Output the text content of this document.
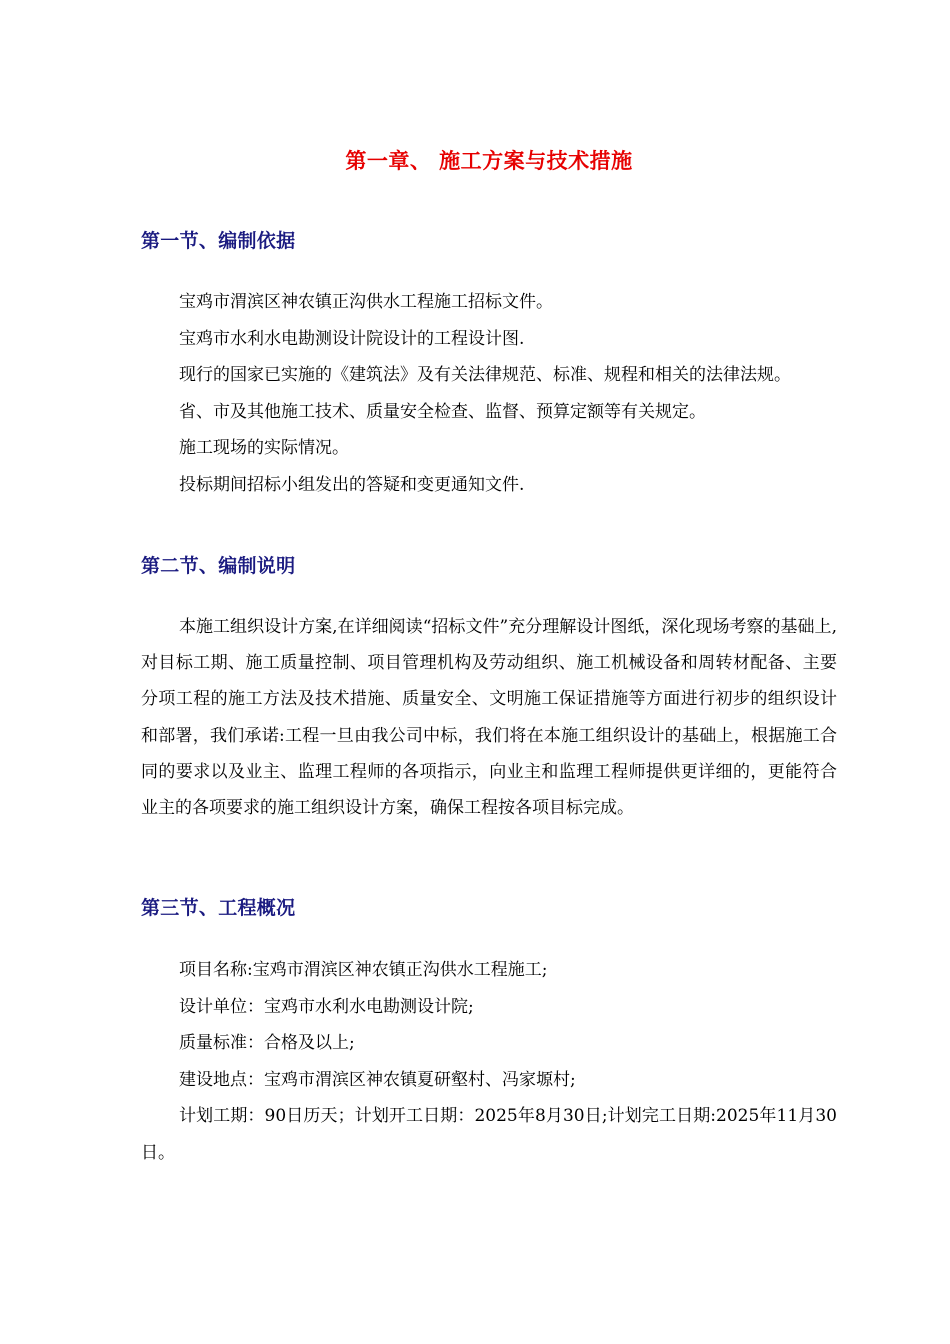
第一章、 施工方案与技术措施
第一节、编制依据

宝鸡市渭滨区神农镇正沟供水工程施工招标文件。

宝鸡市水利水电勘测设计院设计的工程设计图.

现行的国家已实施的《建筑法》及有关法律规范、标准、规程和相关的法律法规。

省、市及其他施工技术、质量安全检查、监督、预算定额等有关规定。

施工现场的实际情况。

投标期间招标小组发出的答疑和变更通知文件.

第二节、编制说明

本施工组织设计方案,在详细阅读“招标文件”充分理解设计图纸，深化现场考察的基础上,对目标工期、施工质量控制、项目管理机构及劳动组织、施工机械设备和周转材配备、主要分项工程的施工方法及技术措施、质量安全、文明施工保证措施等方面进行初步的组织设计和部署，我们承诺:工程一旦由我公司中标，我们将在本施工组织设计的基础上，根据施工合同的要求以及业主、监理工程师的各项指示，向业主和监理工程师提供更详细的，更能符合业主的各项要求的施工组织设计方案，确保工程按各项目标完成。

第三节、工程概况

项目名称:宝鸡市渭滨区神农镇正沟供水工程施工;

设计单位：宝鸡市水利水电勘测设计院;

质量标准：合格及以上;

建设地点：宝鸡市渭滨区神农镇夏研壑村、冯家塬村;

计划工期：90日历天；计划开工日期：2025年8月30日;计划完工日期:2025年11月30日。
